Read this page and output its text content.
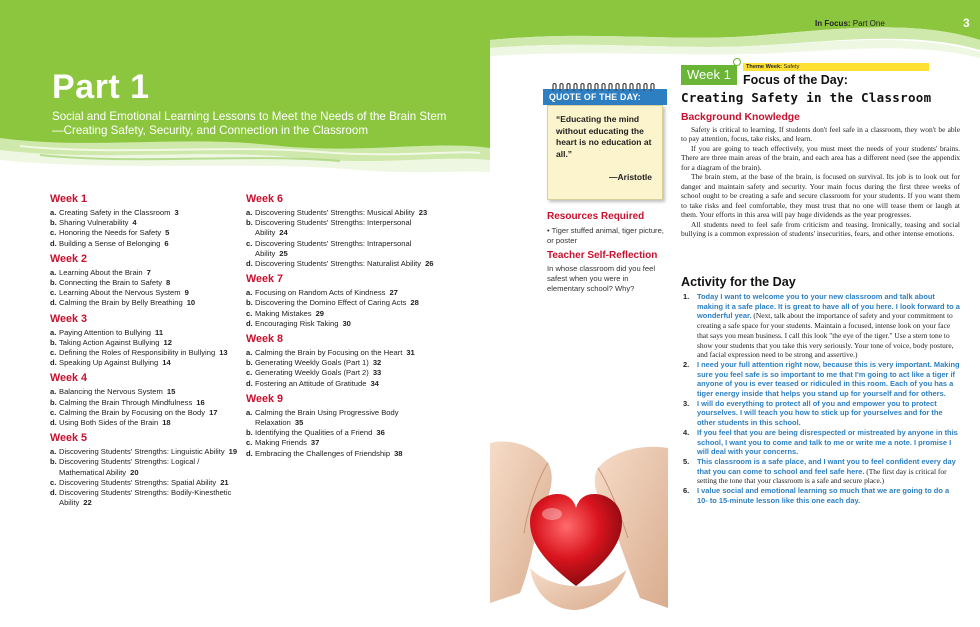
Part 1
Social and Emotional Learning Lessons to Meet the Needs of the Brain Stem—Creating Safety, Security, and Connection in the Classroom
Week 1
a. Creating Safety in the Classroom 3
b. Sharing Vulnerability 4
c. Honoring the Needs for Safety 5
d. Building a Sense of Belonging 6
Week 2
a. Learning About the Brain 7
b. Connecting the Brain to Safety 8
c. Learning About the Nervous System 9
d. Calming the Brain by Belly Breathing 10
Week 3
a. Paying Attention to Bullying 11
b. Taking Action Against Bullying 12
c. Defining the Roles of Responsibility in Bullying 13
d. Speaking Up Against Bullying 14
Week 4
a. Balancing the Nervous System 15
b. Calming the Brain Through Mindfulness 16
c. Calming the Brain by Focusing on the Body 17
d. Using Both Sides of the Brain 18
Week 5
a. Discovering Students' Strengths: Linguistic Ability 19
b. Discovering Students' Strengths: Logical / Mathematical Ability 20
c. Discovering Students' Strengths: Spatial Ability 21
d. Discovering Students' Strengths: Bodily-Kinesthetic Ability 22
Week 6
a. Discovering Students' Strengths: Musical Ability 23
b. Discovering Students' Strengths: Interpersonal Ability 24
c. Discovering Students' Strengths: Intrapersonal Ability 25
d. Discovering Students' Strengths: Naturalist Ability 26
Week 7
a. Focusing on Random Acts of Kindness 27
b. Discovering the Domino Effect of Caring Acts 28
c. Making Mistakes 29
d. Encouraging Risk Taking 30
Week 8
a. Calming the Brain by Focusing on the Heart 31
b. Generating Weekly Goals (Part 1) 32
c. Generating Weekly Goals (Part 2) 33
d. Fostering an Attitude of Gratitude 34
Week 9
a. Calming the Brain Using Progressive Body Relaxation 35
b. Identifying the Qualities of a Friend 36
c. Making Friends 37
d. Embracing the Challenges of Friendship 38
In Focus: Part One	3
“Educating the mind without educating the heart is no education at all.”
—Aristotle
QUOTE OF THE DAY:
Resources Required
• Tiger stuffed animal, tiger picture, or poster
Teacher Self-Reflection
In whose classroom did you feel safest when you were in elementary school? Why?
Week 1	Theme Week: Safety
Focus of the Day:
Creating Safety in the Classroom
Background Knowledge

Safety is critical to learning. If students don't feel safe in a classroom, they won't be able to pay attention, focus, take risks, and learn.

If you are going to teach effectively, you must meet the needs of your students' brains. There are three main areas of the brain, and each area has a different need (see the appendix for a diagram of the brain).

The brain stem, at the base of the brain, is focused on survival. Its job is to look out for danger and maintain safety and security. Your main focus during the first three weeks of school ought to be creating a safe and secure classroom for your students. If you want them to take risks and feel comfortable, they must trust that no one will tease them or laugh at them. Your efforts in this area will pay huge dividends as the year progresses.

All students need to feel safe from criticism and teasing. Ironically, teasing and social bullying is a common expression of students' insecurities, fears, and other intense emotions.

Activity for the Day
1. Today I want to welcome you to your new classroom and talk about making it a safe place. It is great to have all of you here. I look forward to a wonderful year. (Next, talk about the importance of safety and your commitment to creating a safe space for your students. Maintain a focused, intense look on your face that says you mean business. I call this look "the eye of the tiger." Use a stern tone to show your students that you take this very seriously. Your tone of voice, body posture, and facial expression need to be strong and assertive.)
2. I need your full attention right now, because this is very important. Making sure you feel safe is so important to me that I'm going to act like a tiger if anyone of you is ever teased or ridiculed in this room. Each of you has a tiger energy inside that helps you stand up for yourself and for others.
3. I will do everything to protect all of you and empower you to protect yourselves. I will teach you how to stick up for yourselves and for the other students in this school.
4. If you feel that you are being disrespected or mistreated by anyone in this school, I want you to come and talk to me or write me a note. I promise I will deal with your concerns.
5. This classroom is a safe place, and I want you to feel confident every day that you can come to school and feel safe here. (The first day is critical for setting the tone that your classroom is a safe and secure place.)
6. I value social and emotional learning so much that we are going to do a 10- to 15-minute lesson like this one each day.
